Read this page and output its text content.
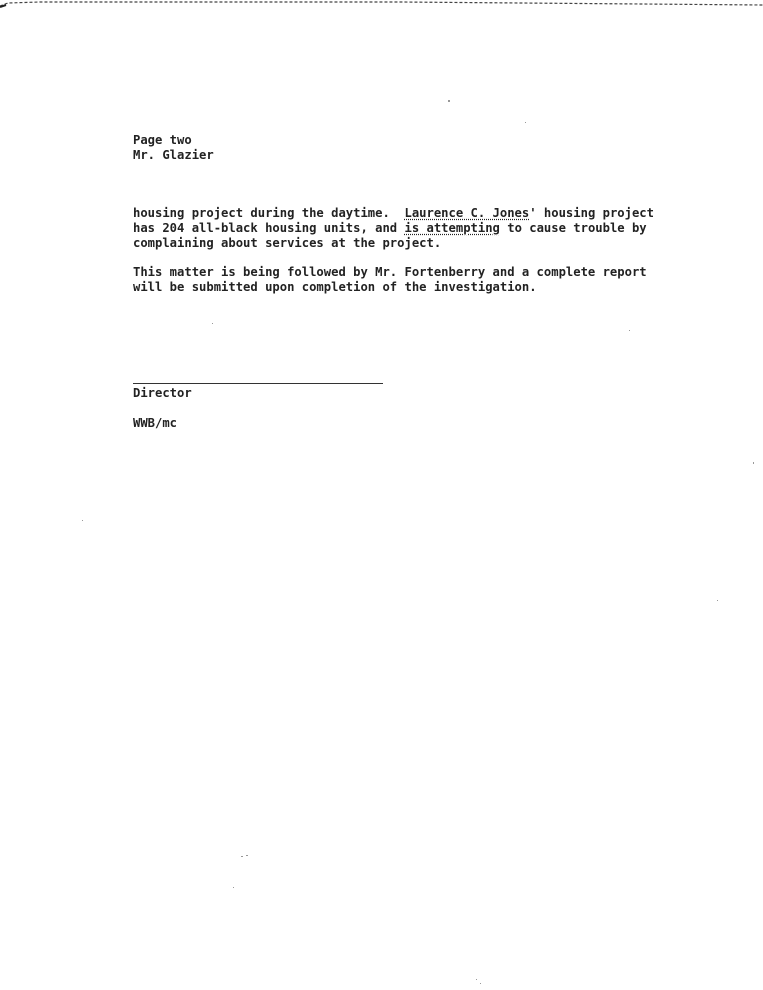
Page two
Mr. Glazier
housing project during the daytime.  Laurence C. Jones' housing project
has 204 all-black housing units, and is attempting to cause trouble by
complaining about services at the project.
This matter is being followed by Mr. Fortenberry and a complete report
will be submitted upon completion of the investigation.
Director
WWB/mc
